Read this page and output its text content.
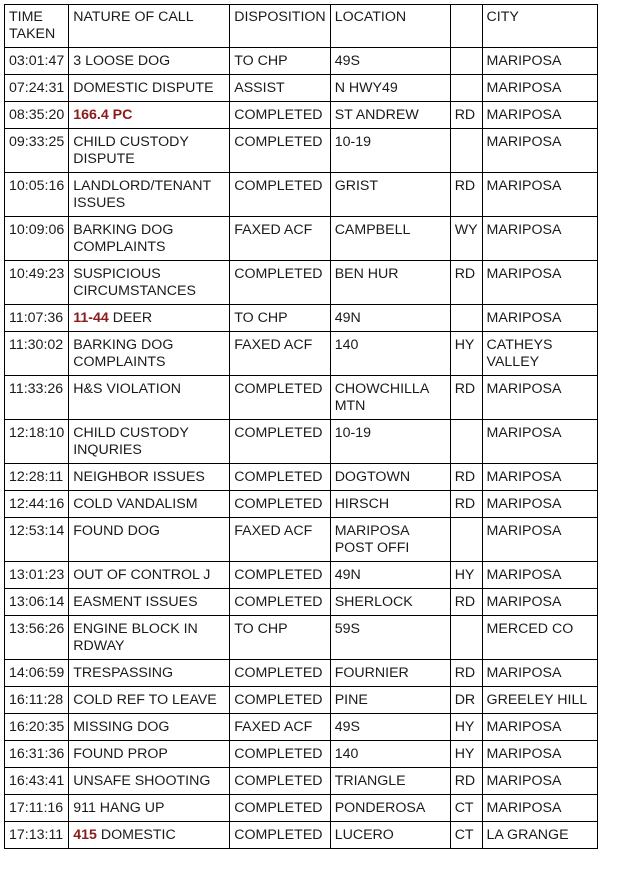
TIME TAKEN	NATURE OF CALL	DISPOSITION	LOCATION		CITY
03:01:47	3 LOOSE DOG	TO CHP	49S		MARIPOSA
07:24:31	DOMESTIC DISPUTE	ASSIST	N HWY49		MARIPOSA
08:35:20	166.4 PC	COMPLETED	ST ANDREW	RD	MARIPOSA
09:33:25	CHILD CUSTODY DISPUTE	COMPLETED	10-19		MARIPOSA
10:05:16	LANDLORD/TENANT ISSUES	COMPLETED	GRIST	RD	MARIPOSA
10:09:06	BARKING DOG COMPLAINTS	FAXED ACF	CAMPBELL	WY	MARIPOSA
10:49:23	SUSPICIOUS CIRCUMSTANCES	COMPLETED	BEN HUR	RD	MARIPOSA
11:07:36	11-44 DEER	TO CHP	49N		MARIPOSA
11:30:02	BARKING DOG COMPLAINTS	FAXED ACF	140	HY	CATHEYS VALLEY
11:33:26	H&S VIOLATION	COMPLETED	CHOWCHILLA MTN	RD	MARIPOSA
12:18:10	CHILD CUSTODY INQURIES	COMPLETED	10-19		MARIPOSA
12:28:11	NEIGHBOR ISSUES	COMPLETED	DOGTOWN	RD	MARIPOSA
12:44:16	COLD VANDALISM	COMPLETED	HIRSCH	RD	MARIPOSA
12:53:14	FOUND DOG	FAXED ACF	MARIPOSA POST OFFI		MARIPOSA
13:01:23	OUT OF CONTROL J	COMPLETED	49N	HY	MARIPOSA
13:06:14	EASMENT ISSUES	COMPLETED	SHERLOCK	RD	MARIPOSA
13:56:26	ENGINE BLOCK IN RDWAY	TO CHP	59S		MERCED CO
14:06:59	TRESPASSING	COMPLETED	FOURNIER	RD	MARIPOSA
16:11:28	COLD REF TO LEAVE	COMPLETED	PINE	DR	GREELEY HILL
16:20:35	MISSING DOG	FAXED ACF	49S	HY	MARIPOSA
16:31:36	FOUND PROP	COMPLETED	140	HY	MARIPOSA
16:43:41	UNSAFE SHOOTING	COMPLETED	TRIANGLE	RD	MARIPOSA
17:11:16	911 HANG UP	COMPLETED	PONDEROSA	CT	MARIPOSA
17:13:11	415 DOMESTIC	COMPLETED	LUCERO	CT	LA GRANGE
